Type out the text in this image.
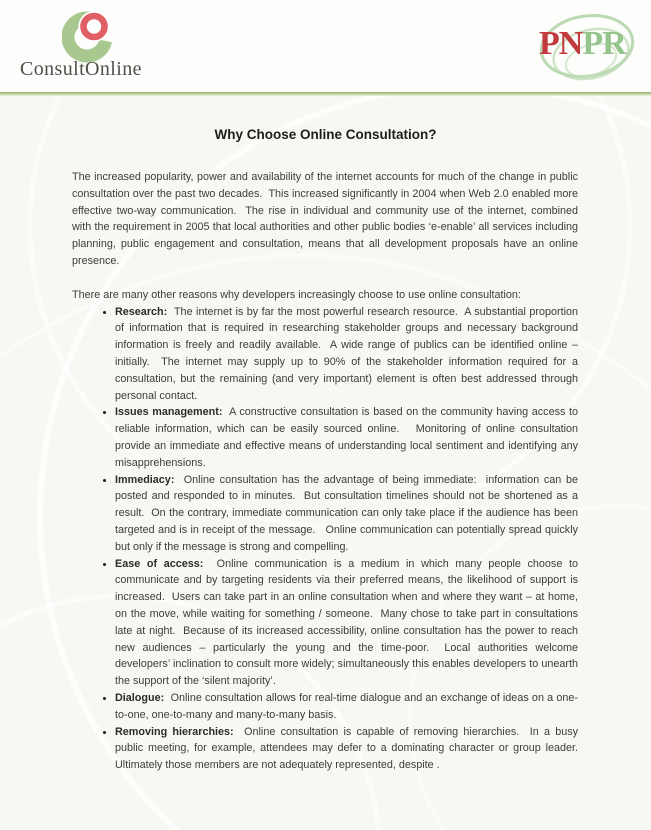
ConsultOnline
PNPR
Why Choose Online Consultation?

The increased popularity, power and availability of the internet accounts for much of the change in public consultation over the past two decades.  This increased significantly in 2004 when Web 2.0 enabled more effective two-way communication.  The rise in individual and community use of the internet, combined with the requirement in 2005 that local authorities and other public bodies ‘e-enable’ all services including planning, public engagement and consultation, means that all development proposals have an online presence.

There are many other reasons why developers increasingly choose to use online consultation:

• Research:  The internet is by far the most powerful research resource.  A substantial proportion of information that is required in researching stakeholder groups and necessary background information is freely and readily available.  A wide range of publics can be identified online – initially.  The internet may supply up to 90% of the stakeholder information required for a consultation, but the remaining (and very important) element is often best addressed through personal contact.
• Issues management:  A constructive consultation is based on the community having access to reliable information, which can be easily sourced online.   Monitoring of online consultation provide an immediate and effective means of understanding local sentiment and identifying any misapprehensions.
• Immediacy:  Online consultation has the advantage of being immediate:  information can be posted and responded to in minutes.  But consultation timelines should not be shortened as a result.  On the contrary, immediate communication can only take place if the audience has been targeted and is in receipt of the message.   Online communication can potentially spread quickly but only if the message is strong and compelling.
• Ease of access:  Online communication is a medium in which many people choose to communicate and by targeting residents via their preferred means, the likelihood of support is increased.  Users can take part in an online consultation when and where they want – at home, on the move, while waiting for something / someone.  Many chose to take part in consultations late at night.  Because of its increased accessibility, online consultation has the power to reach new audiences – particularly the young and the time-poor.  Local authorities welcome developers’ inclination to consult more widely; simultaneously this enables developers to unearth the support of the ‘silent majority’.
• Dialogue:  Online consultation allows for real-time dialogue and an exchange of ideas on a one-to-one, one-to-many and many-to-many basis.
• Removing hierarchies:  Online consultation is capable of removing hierarchies.  In a busy public meeting, for example, attendees may defer to a dominating character or group leader.  Ultimately those members are not adequately represented, despite .
